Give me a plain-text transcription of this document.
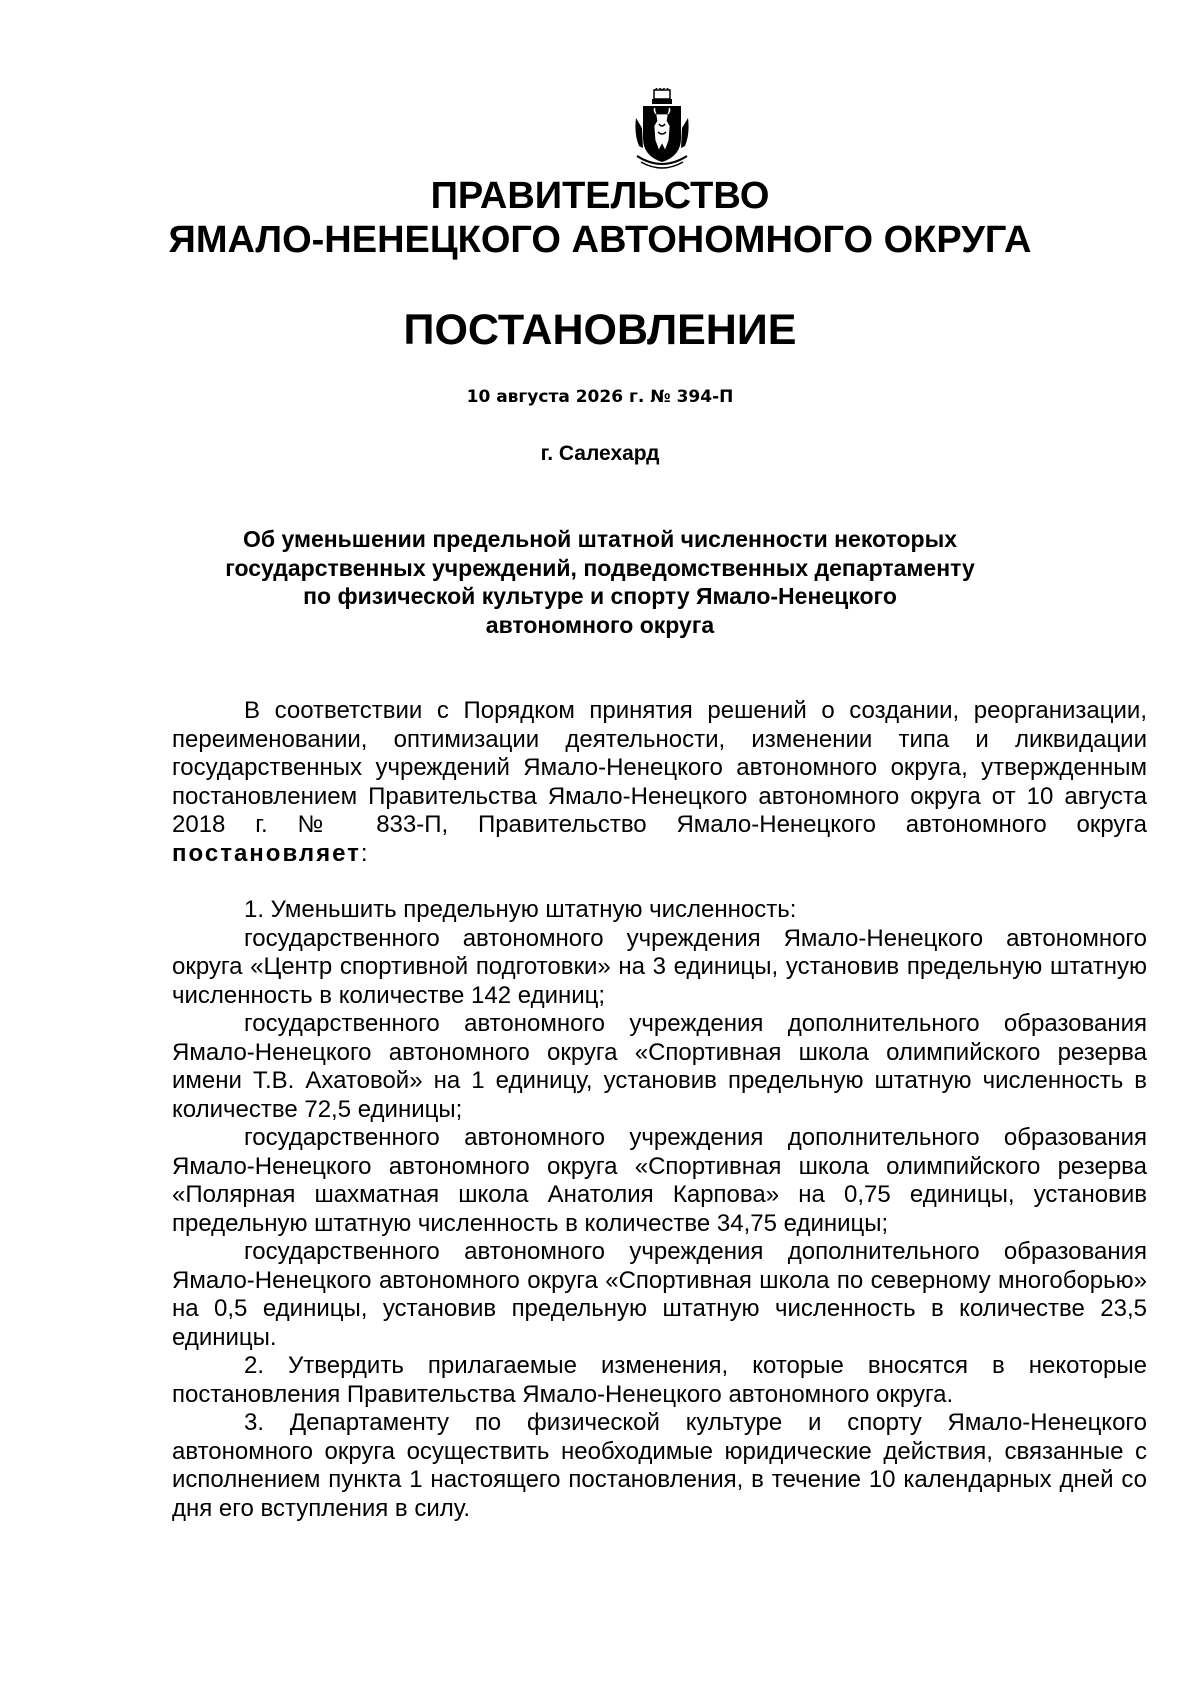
ПРАВИТЕЛЬСТВО
ЯМАЛО-НЕНЕЦКОГО АВТОНОМНОГО ОКРУГА
ПОСТАНОВЛЕНИЕ

10 августа 2026 г. № 394-П

г. Салехард

Об уменьшении предельной штатной численности некоторых
государственных учреждений, подведомственных департаменту
по физической культуре и спорту Ямало-Ненецкого
автономного округа

В соответствии с Порядком принятия решений о создании, реорганизации, переименовании, оптимизации деятельности, изменении типа и ликвидации государственных учреждений Ямало-Ненецкого автономного округа, утвержденным постановлением Правительства Ямало-Ненецкого автономного округа от 10 августа 2018 г. № 833-П, Правительство Ямало-Ненецкого автономного округа постановляет:

1. Уменьшить предельную штатную численность:

государственного автономного учреждения Ямало-Ненецкого автономного округа «Центр спортивной подготовки» на 3 единицы, установив предельную штатную численность в количестве 142 единиц;

государственного автономного учреждения дополнительного образования Ямало-Ненецкого автономного округа «Спортивная школа олимпийского резерва имени Т.В. Ахатовой» на 1 единицу, установив предельную штатную численность в количестве 72,5 единицы;

государственного автономного учреждения дополнительного образования Ямало-Ненецкого автономного округа «Спортивная школа олимпийского резерва «Полярная шахматная школа Анатолия Карпова» на 0,75 единицы, установив предельную штатную численность в количестве 34,75 единицы;

государственного автономного учреждения дополнительного образования Ямало-Ненецкого автономного округа «Спортивная школа по северному многоборью» на 0,5 единицы, установив предельную штатную численность в количестве 23,5 единицы.

2. Утвердить прилагаемые изменения, которые вносятся в некоторые постановления Правительства Ямало-Ненецкого автономного округа.

3. Департаменту по физической культуре и спорту Ямало-Ненецкого автономного округа осуществить необходимые юридические действия, связанные с исполнением пункта 1 настоящего постановления, в течение 10 календарных дней со дня его вступления в силу.
